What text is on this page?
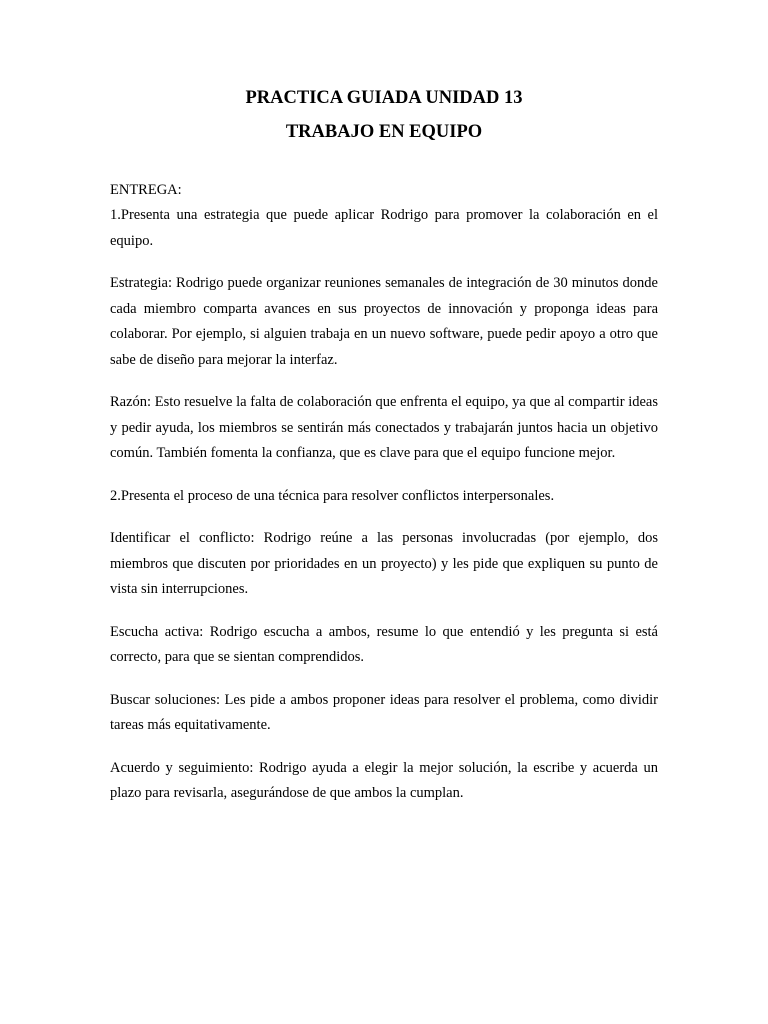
PRACTICA GUIADA UNIDAD 13
TRABAJO EN EQUIPO

ENTREGA:

1.Presenta una estrategia que puede aplicar Rodrigo para promover la colaboración en el equipo.

Estrategia: Rodrigo puede organizar reuniones semanales de integración de 30 minutos donde cada miembro comparta avances en sus proyectos de innovación y proponga ideas para colaborar. Por ejemplo, si alguien trabaja en un nuevo software, puede pedir apoyo a otro que sabe de diseño para mejorar la interfaz.

Razón: Esto resuelve la falta de colaboración que enfrenta el equipo, ya que al compartir ideas y pedir ayuda, los miembros se sentirán más conectados y trabajarán juntos hacia un objetivo común. También fomenta la confianza, que es clave para que el equipo funcione mejor.

2.Presenta el proceso de una técnica para resolver conflictos interpersonales.

Identificar el conflicto: Rodrigo reúne a las personas involucradas (por ejemplo, dos miembros que discuten por prioridades en un proyecto) y les pide que expliquen su punto de vista sin interrupciones.

Escucha activa: Rodrigo escucha a ambos, resume lo que entendió y les pregunta si está correcto, para que se sientan comprendidos.

Buscar soluciones: Les pide a ambos proponer ideas para resolver el problema, como dividir tareas más equitativamente.

Acuerdo y seguimiento: Rodrigo ayuda a elegir la mejor solución, la escribe y acuerda un plazo para revisarla, asegurándose de que ambos la cumplan.
